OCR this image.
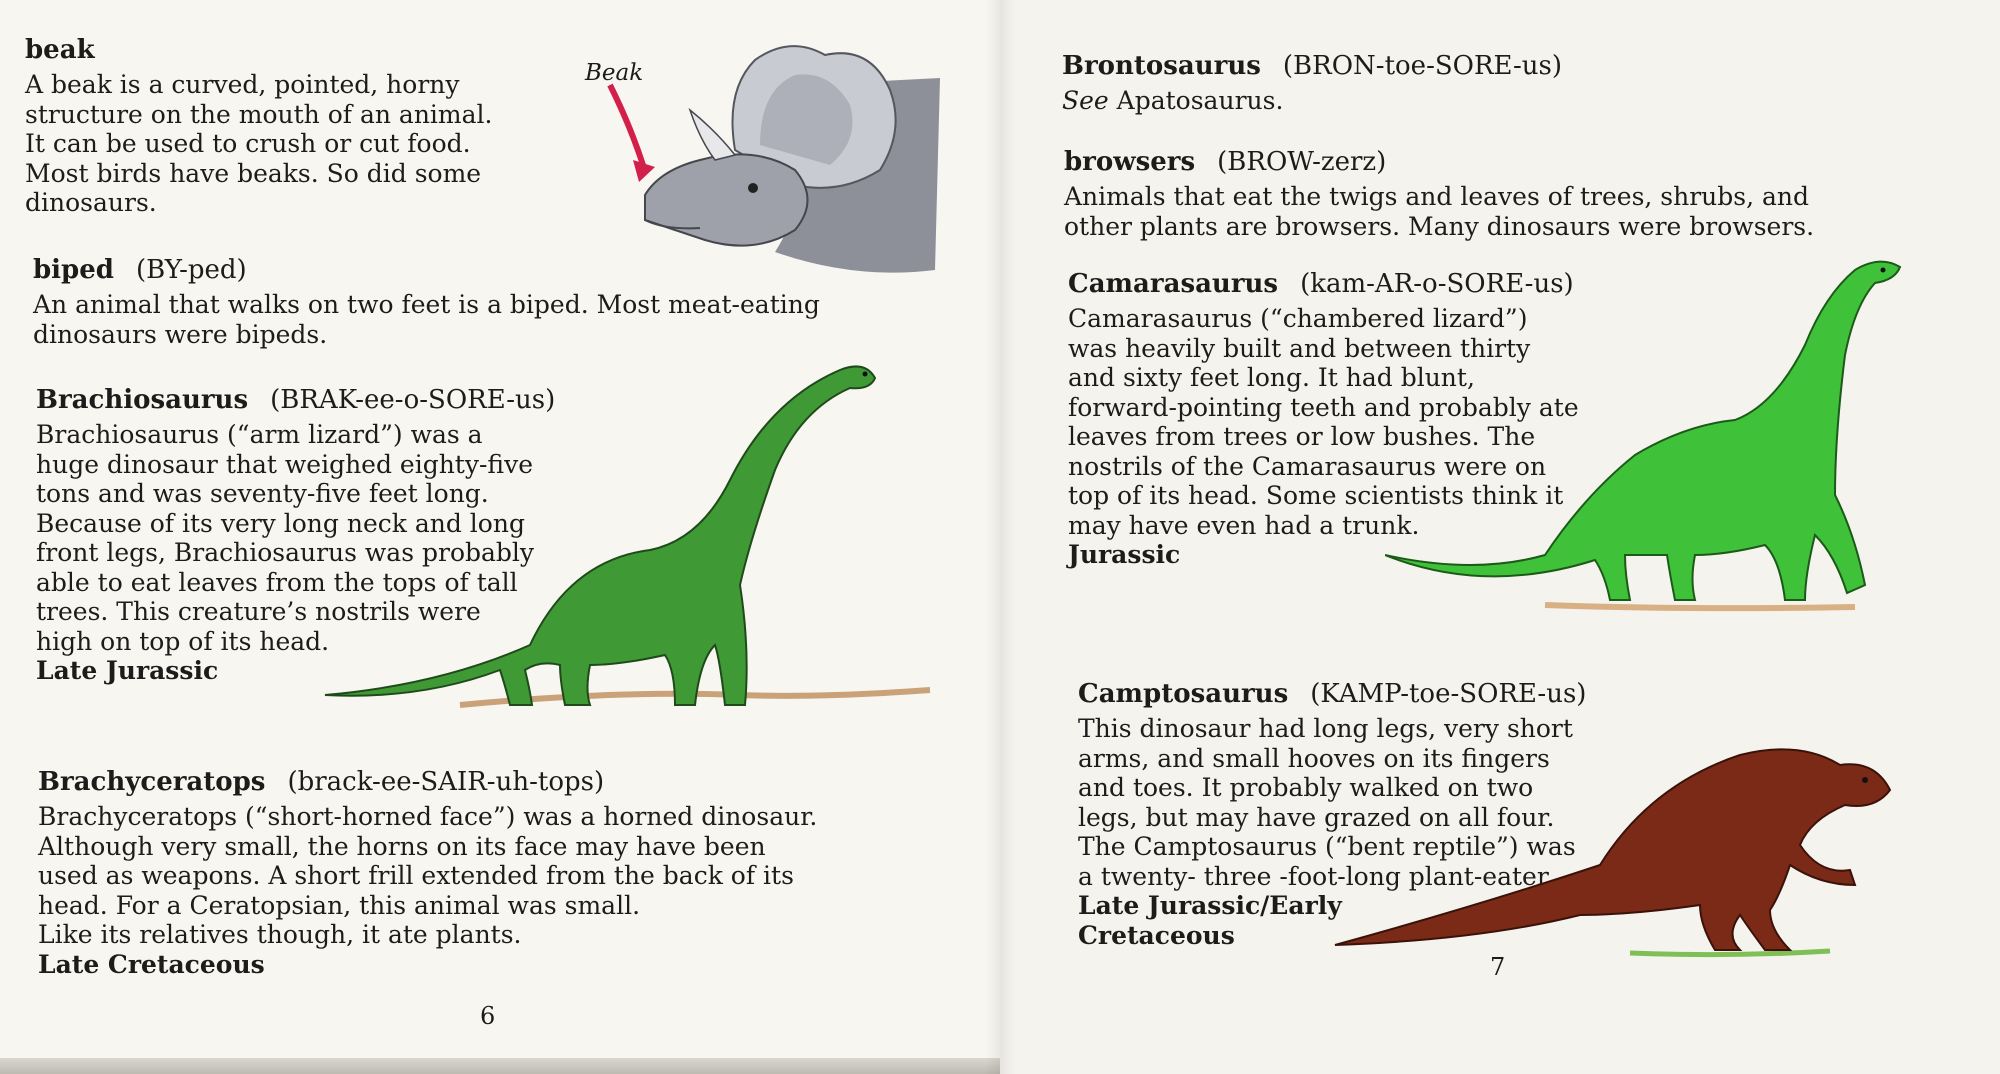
beak

A beak is a curved, pointed, horny
structure on the mouth of an animal.
It can be used to crush or cut food.
Most birds have beaks. So did some
dinosaurs.

Beak

biped (BY-ped)

An animal that walks on two feet is a biped. Most meat-eating
dinosaurs were bipeds.

Brachiosaurus (BRAK-ee-o-SORE-us)

Brachiosaurus (“arm lizard”) was a
huge dinosaur that weighed eighty-five
tons and was seventy-five feet long.
Because of its very long neck and long
front legs, Brachiosaurus was probably
able to eat leaves from the tops of tall
trees. This creature’s nostrils were
high on top of its head.

Late Jurassic

Brachyceratops (brack-ee-SAIR-uh-tops)

Brachyceratops (“short-horned face”) was a horned dinosaur.
Although very small, the horns on its face may have been
used as weapons. A short frill extended from the back of its
head. For a Ceratopsian, this animal was small.
Like its relatives though, it ate plants.

Late Cretaceous

6

Brontosaurus (BRON-toe-SORE-us)

See Apatosaurus.

browsers (BROW-zerz)

Animals that eat the twigs and leaves of trees, shrubs, and
other plants are browsers. Many dinosaurs were browsers.

Camarasaurus (kam-AR-o-SORE-us)

Camarasaurus (“chambered lizard”)
was heavily built and between thirty
and sixty feet long. It had blunt,
forward-pointing teeth and probably ate
leaves from trees or low bushes. The
nostrils of the Camarasaurus were on
top of its head. Some scientists think it
may have even had a trunk.

Jurassic

Camptosaurus (KAMP-toe-SORE-us)

This dinosaur had long legs, very short
arms, and small hooves on its fingers
and toes. It probably walked on two
legs, but may have grazed on all four.
The Camptosaurus (“bent reptile”) was
a twenty- three -foot-long plant-eater.

Late Jurassic/Early
Cretaceous

7
